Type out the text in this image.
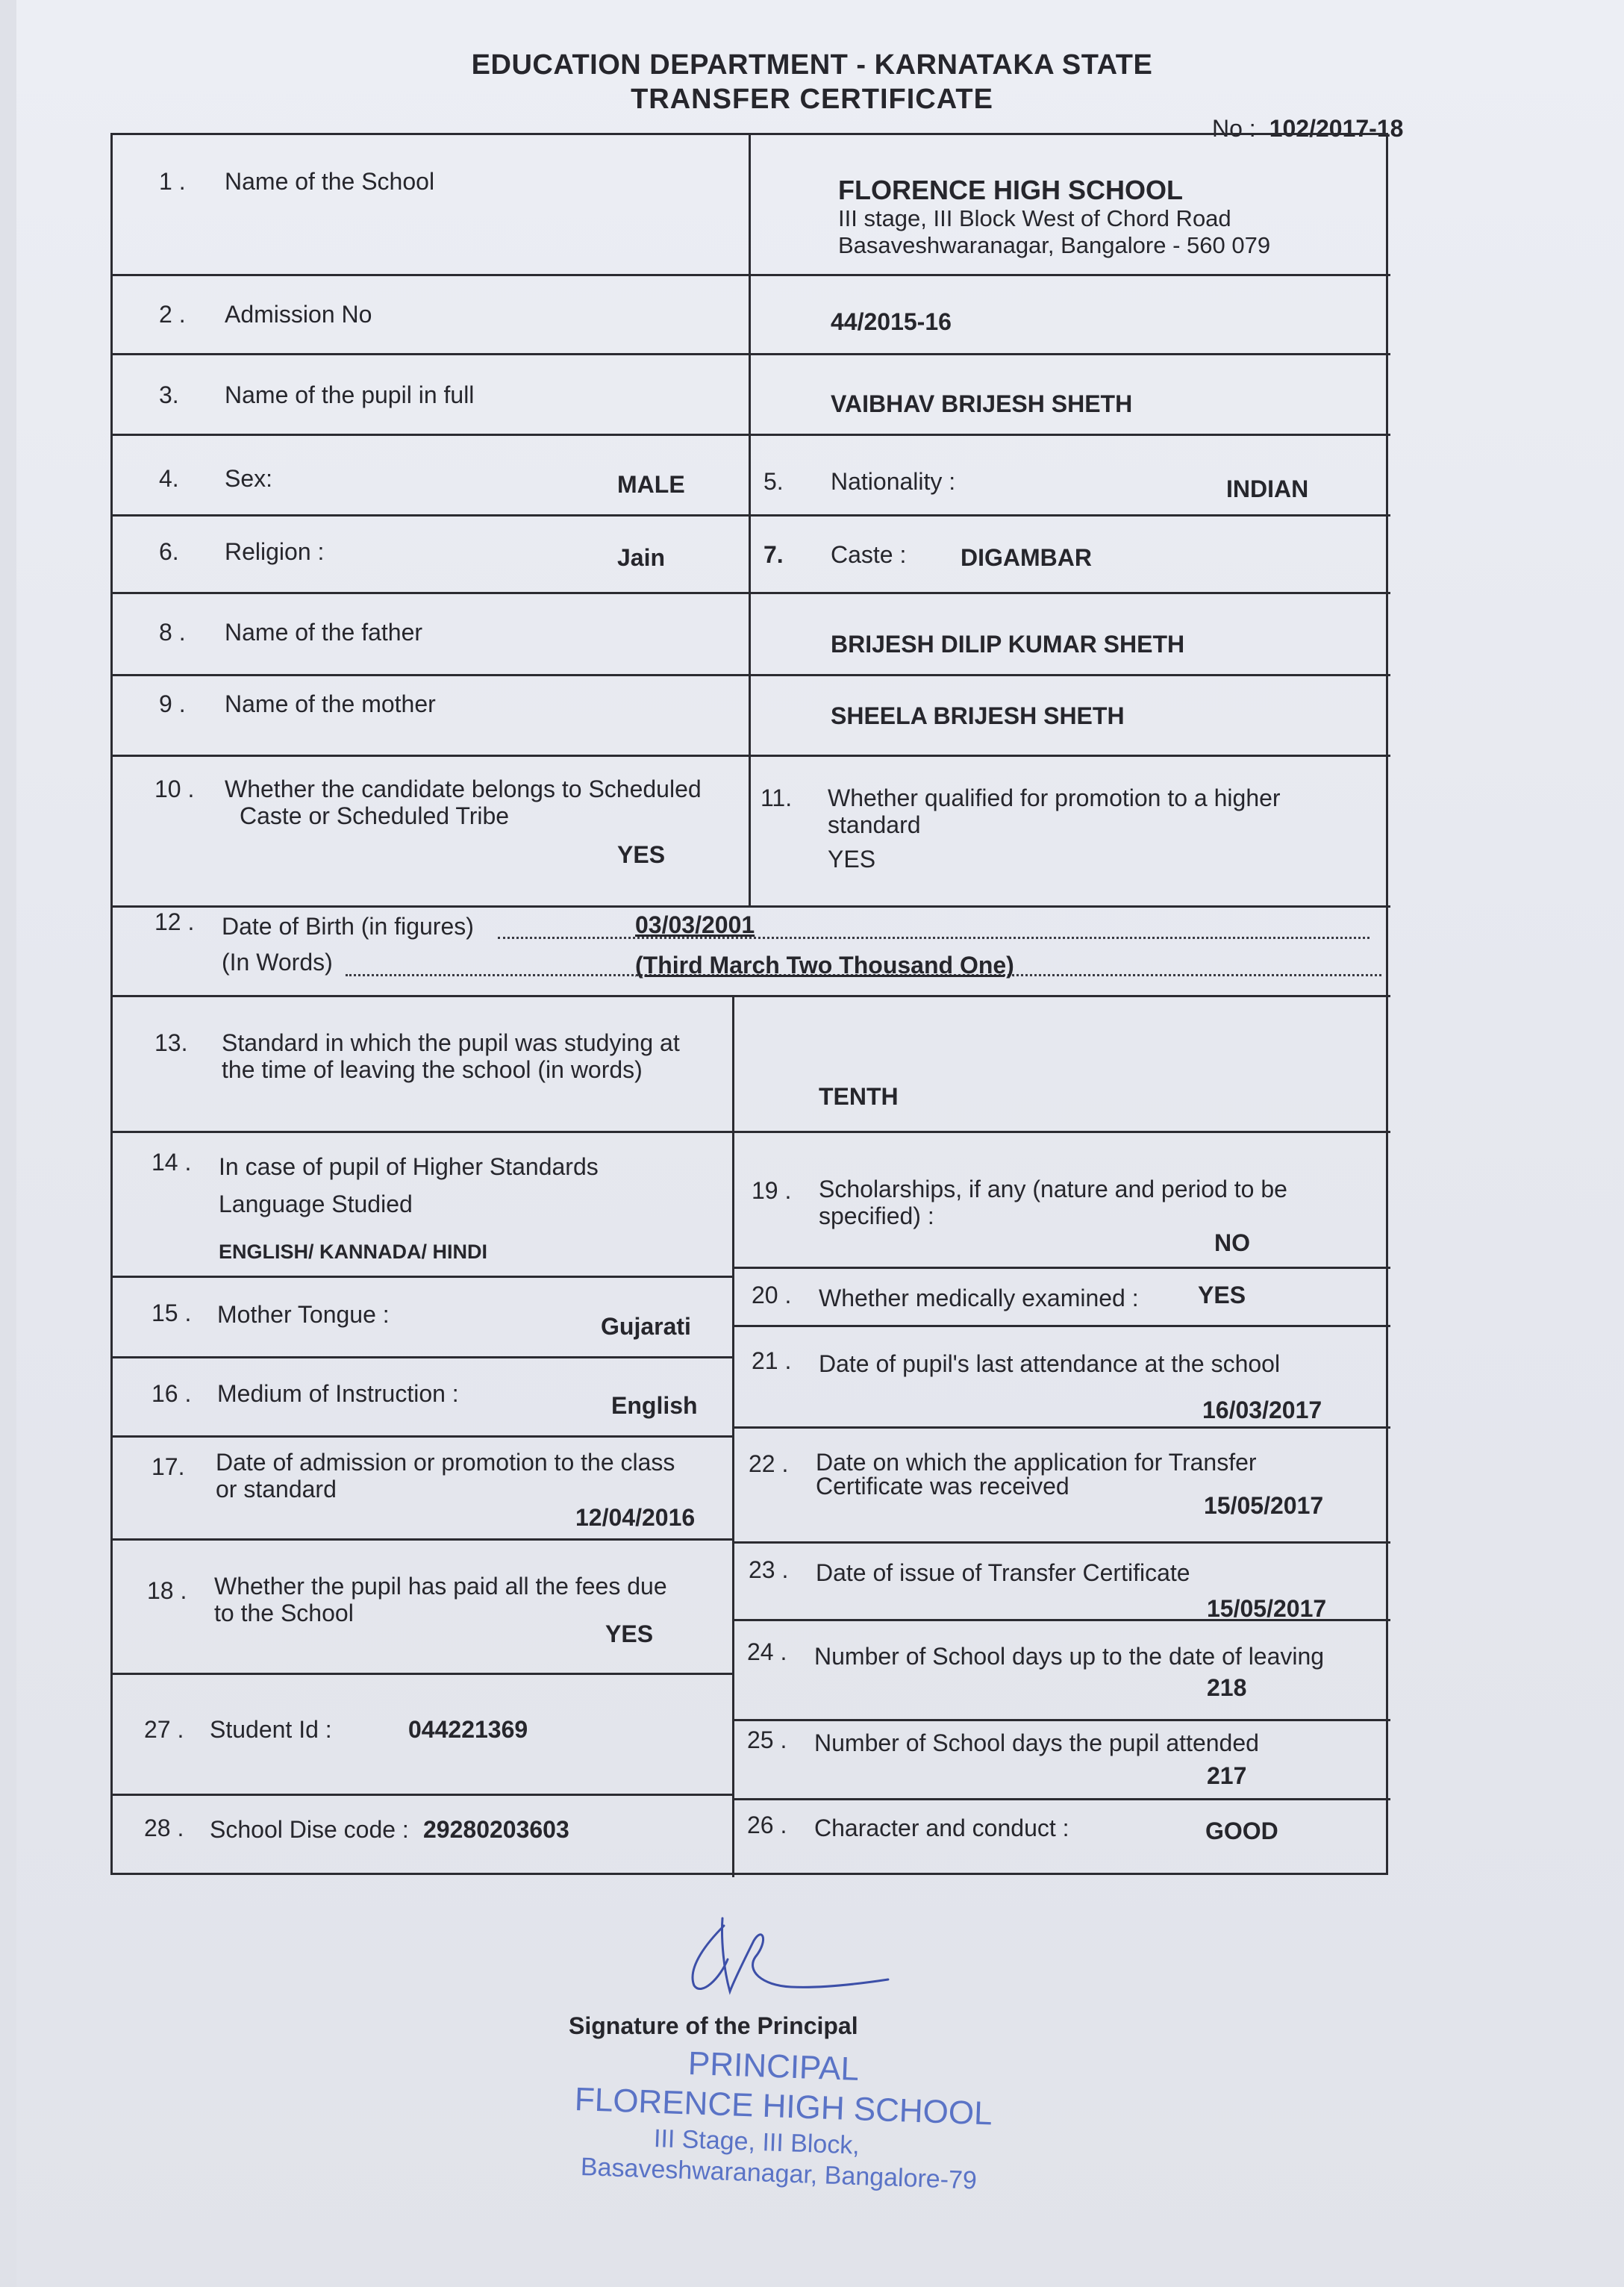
EDUCATION DEPARTMENT - KARNATAKA STATE
TRANSFER CERTIFICATE
No : 102/2017-18
1 . Name of the School	FLORENCE HIGH SCHOOL
III stage, III Block West of Chord Road
Basaveshwaranagar, Bangalore - 560 079
2 . Admission No	44/2015-16
3. Name of the pupil in full	VAIBHAV BRIJESH SHETH
4. Sex:	MALE	5. Nationality :	INDIAN
6. Religion :	Jain	7. Caste : DIGAMBAR
8 . Name of the father	BRIJESH DILIP KUMAR SHETH
9 . Name of the mother	SHEELA BRIJESH SHETH
10 . Whether the candidate belongs to Scheduled
Caste or Scheduled Tribe
YES
11. Whether qualified for promotion to a higher
standard
YES
12 . Date of Birth (in figures)	03/03/2001
(In Words)	(Third March Two Thousand One)
13. Standard in which the pupil was studying at
the time of leaving the school (in words)
TENTH
14 . In case of pupil of Higher Standards
Language Studied
ENGLISH/ KANNADA/ HINDI
15 . Mother Tongue :	Gujarati
16 . Medium of Instruction :	English
17. Date of admission or promotion to the class
or standard
12/04/2016
18 . Whether the pupil has paid all the fees due
to the School
YES
27 . Student Id :	044221369
28 . School Dise code : 29280203603
19 . Scholarships, if any (nature and period to be
specified) :
NO
20 . Whether medically examined : YES
21 . Date of pupil's last attendance at the school
16/03/2017
22 . Date on which the application for Transfer
Certificate was received
15/05/2017
23 . Date of issue of Transfer Certificate
15/05/2017
24 . Number of School days up to the date of leaving
218
25 . Number of School days the pupil attended
217
26 . Character and conduct :	GOOD
Signature of the Principal
PRINCIPAL
FLORENCE HIGH SCHOOL
III Stage, III Block,
Basaveshwaranagar, Bangalore-79
